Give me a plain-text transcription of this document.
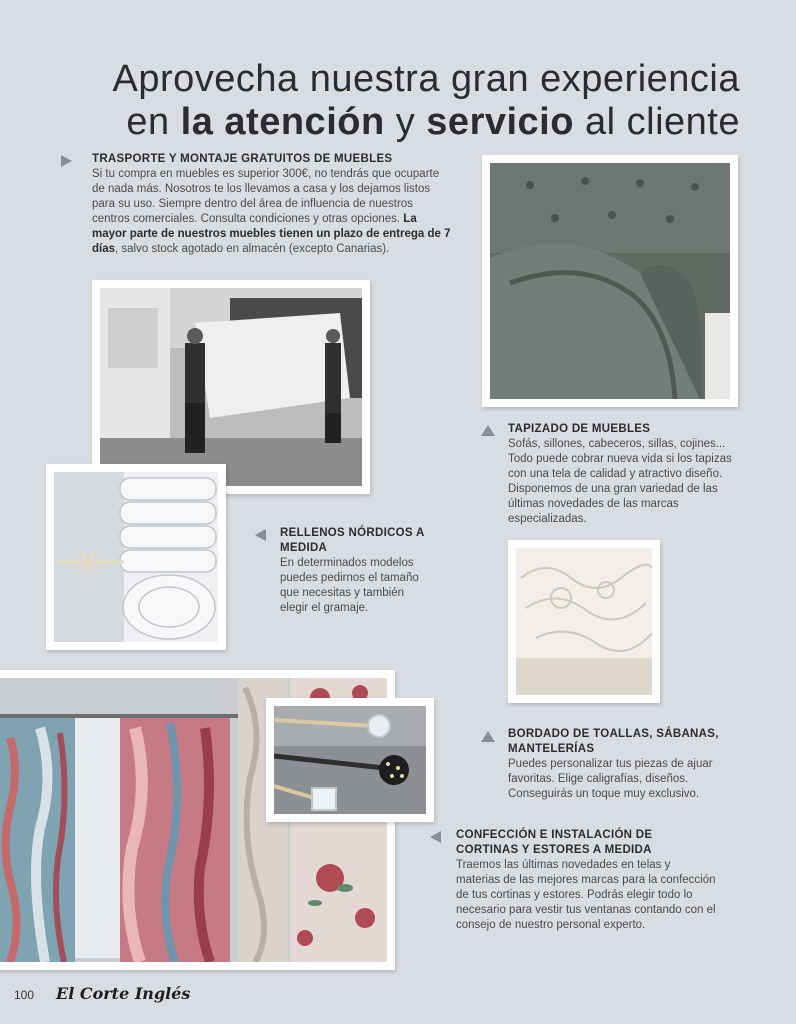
Aprovecha nuestra gran experiencia
en la atención y servicio al cliente
TRASPORTE Y MONTAJE GRATUITOS DE MUEBLES

Si tu compra en muebles es superior 300€, no tendrás que ocuparte de nada más. Nosotros te los llevamos a casa y los dejamos listos para su uso. Siempre dentro del área de influencia de nuestros centros comerciales. Consulta condiciones y otras opciones. La mayor parte de nuestros muebles tienen un plazo de entrega de 7 días, salvo stock agotado en almacén (excepto Canarias).

TAPIZADO DE MUEBLES

Sofás, sillones, cabeceros, sillas, cojines... Todo puede cobrar nueva vida si los tapizas con una tela de calidad y atractivo diseño. Disponemos de una gran variedad de las últimas novedades de las marcas especializadas.

RELLENOS NÓRDICOS A MEDIDA

En determinados modelos puedes pedirnos el tamaño que necesitas y también elegir el gramaje.

BORDADO DE TOALLAS, SÁBANAS, MANTELERÍAS

Puedes personalizar tus piezas de ajuar favoritas. Elige caligrafías, diseños. Conseguirás un toque muy exclusivo.

CONFECCIÓN E INSTALACIÓN DE CORTINAS Y ESTORES A MEDIDA

Traemos las últimas novedades en telas y materias de las mejores marcas para la confección de tus cortinas y estores. Podrás elegir todo lo necesario para vestir tus ventanas contando con el consejo de nuestro personal experto.

100 El Corte Inglés
